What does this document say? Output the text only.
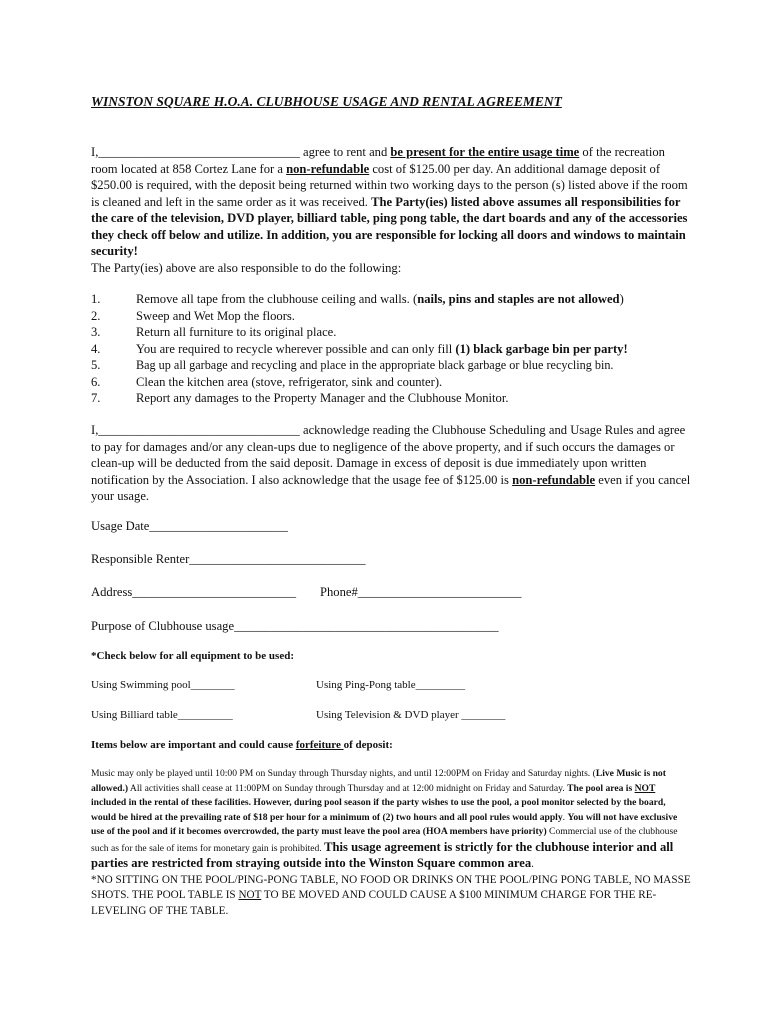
WINSTON SQUARE H.O.A. CLUBHOUSE USAGE AND RENTAL AGREEMENT
I,________________________________ agree to rent and be present for the entire usage time of the recreation room located at 858 Cortez Lane for a non-refundable cost of $125.00 per day. An additional damage deposit of $250.00 is required, with the deposit being returned within two working days to the person (s) listed above if the room is cleaned and left in the same order as it was received. The Party(ies) listed above assumes all responsibilities for the care of the television, DVD player, billiard table, ping pong table, the dart boards and any of the accessories they check off below and utilize. In addition, you are responsible for locking all doors and windows to maintain security!
The Party(ies) above are also responsible to do the following:
1.	Remove all tape from the clubhouse ceiling and walls. (nails, pins and staples are not allowed)
2.	Sweep and Wet Mop the floors.
3.	Return all furniture to its original place.
4.	You are required to recycle wherever possible and can only fill (1) black garbage bin per party!
5.	Bag up all garbage and recycling and place in the appropriate black garbage or blue recycling bin.
6.	Clean the kitchen area (stove, refrigerator, sink and counter).
7.	Report any damages to the Property Manager and the Clubhouse Monitor.
I,________________________________ acknowledge reading the Clubhouse Scheduling and Usage Rules and agree to pay for damages and/or any clean-ups due to negligence of the above property, and if such occurs the damages or clean-up will be deducted from the said deposit. Damage in excess of deposit is due immediately upon written notification by the Association. I also acknowledge that the usage fee of $125.00 is non-refundable even if you cancel your usage.
Usage Date______________________
Responsible Renter____________________________
Address__________________________ Phone#__________________________
Purpose of Clubhouse usage__________________________________________
*Check below for all equipment to be used:
Using Swimming pool________	Using Ping-Pong table_________
Using Billiard table__________	Using Television & DVD player ________
Items below are important and could cause forfeiture of deposit:
Music may only be played until 10:00 PM on Sunday through Thursday nights, and until 12:00PM on Friday and Saturday nights. (Live Music is not allowed.) All activities shall cease at 11:00PM on Sunday through Thursday and at 12:00 midnight on Friday and Saturday. The pool area is NOT included in the rental of these facilities. However, during pool season if the party wishes to use the pool, a pool monitor selected by the board, would be hired at the prevailing rate of $18 per hour for a minimum of (2) two hours and all pool rules would apply. You will not have exclusive use of the pool and if it becomes overcrowded, the party must leave the pool area (HOA members have priority) Commercial use of the clubhouse such as for the sale of items for monetary gain is prohibited. This usage agreement is strictly for the clubhouse interior and all parties are restricted from straying outside into the Winston Square common area.
*NO SITTING ON THE POOL/PING-PONG TABLE, NO FOOD OR DRINKS ON THE POOL/PING PONG TABLE, NO MASSE SHOTS. THE POOL TABLE IS NOT TO BE MOVED AND COULD CAUSE A $100 MINIMUM CHARGE FOR THE RE-LEVELING OF THE TABLE.
